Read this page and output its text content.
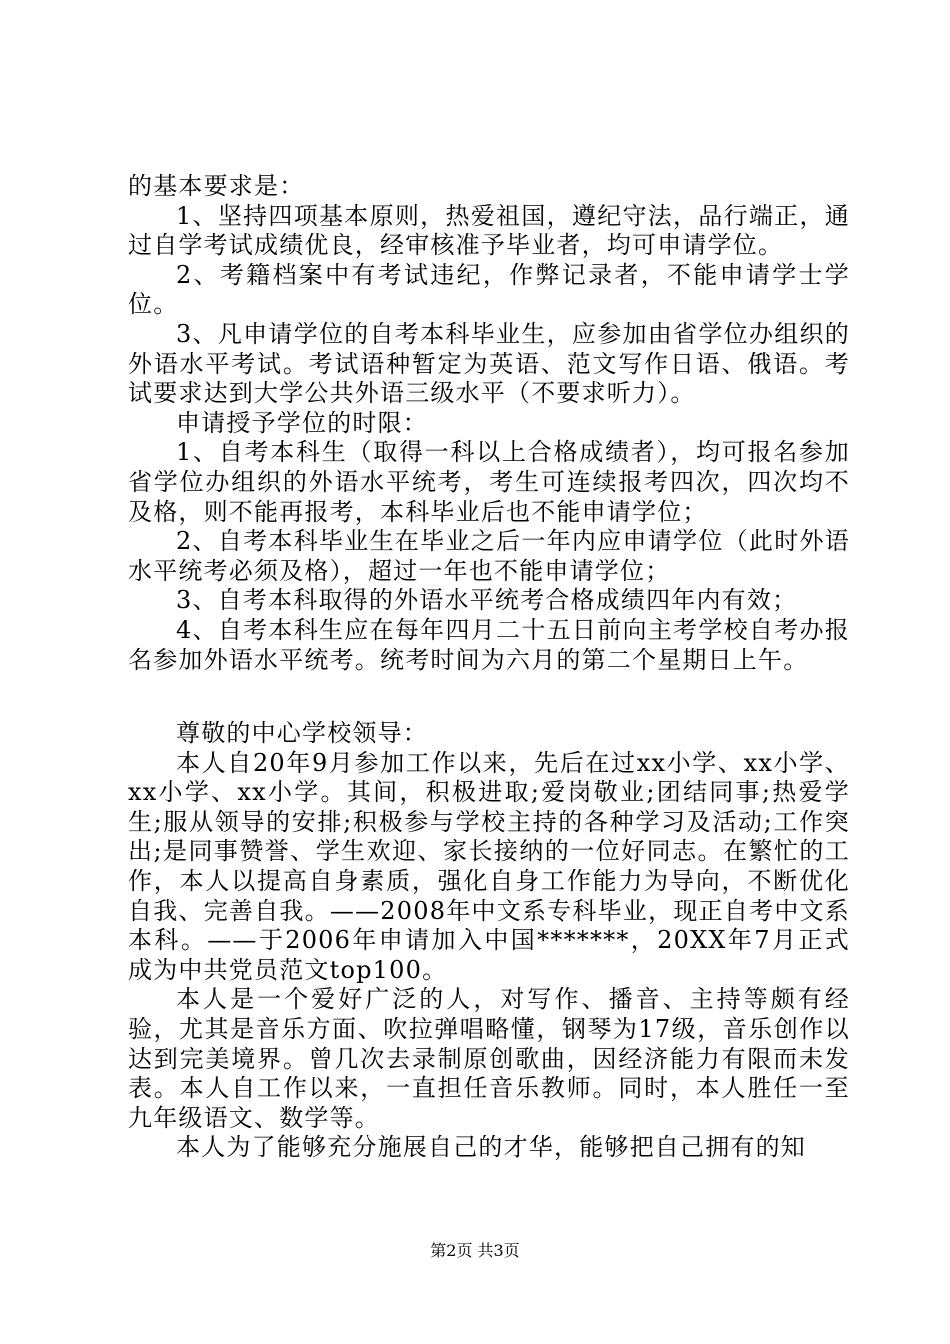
的基本要求是：

1、坚持四项基本原则，热爱祖国，遵纪守法，品行端正，通过自学考试成绩优良，经审核准予毕业者，均可申请学位。

2、考籍档案中有考试违纪，作弊记录者，不能申请学士学位。

3、凡申请学位的自考本科毕业生，应参加由省学位办组织的外语水平考试。考试语种暂定为英语、范文写作日语、俄语。考试要求达到大学公共外语三级水平（不要求听力）。

申请授予学位的时限：

1、自考本科生（取得一科以上合格成绩者），均可报名参加省学位办组织的外语水平统考，考生可连续报考四次，四次均不及格，则不能再报考，本科毕业后也不能申请学位；

2、自考本科毕业生在毕业之后一年内应申请学位（此时外语水平统考必须及格），超过一年也不能申请学位；

3、自考本科取得的外语水平统考合格成绩四年内有效；

4、自考本科生应在每年四月二十五日前向主考学校自考办报名参加外语水平统考。统考时间为六月的第二个星期日上午。

尊敬的中心学校领导：

本人自20年9月参加工作以来，先后在过xx小学、xx小学、xx小学、xx小学。其间，积极进取;爱岗敬业;团结同事;热爱学生;服从领导的安排;积极参与学校主持的各种学习及活动;工作突出;是同事赞誉、学生欢迎、家长接纳的一位好同志。在繁忙的工作，本人以提高自身素质，强化自身工作能力为导向，不断优化自我、完善自我。——2008年中文系专科毕业，现正自考中文系本科。——于2006年申请加入中国*******，20XX年7月正式成为中共党员范文top100。

本人是一个爱好广泛的人，对写作、播音、主持等颇有经验，尤其是音乐方面、吹拉弹唱略懂，钢琴为17级，音乐创作以达到完美境界。曾几次去录制原创歌曲，因经济能力有限而未发表。本人自工作以来，一直担任音乐教师。同时，本人胜任一至九年级语文、数学等。

本人为了能够充分施展自己的才华，能够把自己拥有的知

第2页 共3页
